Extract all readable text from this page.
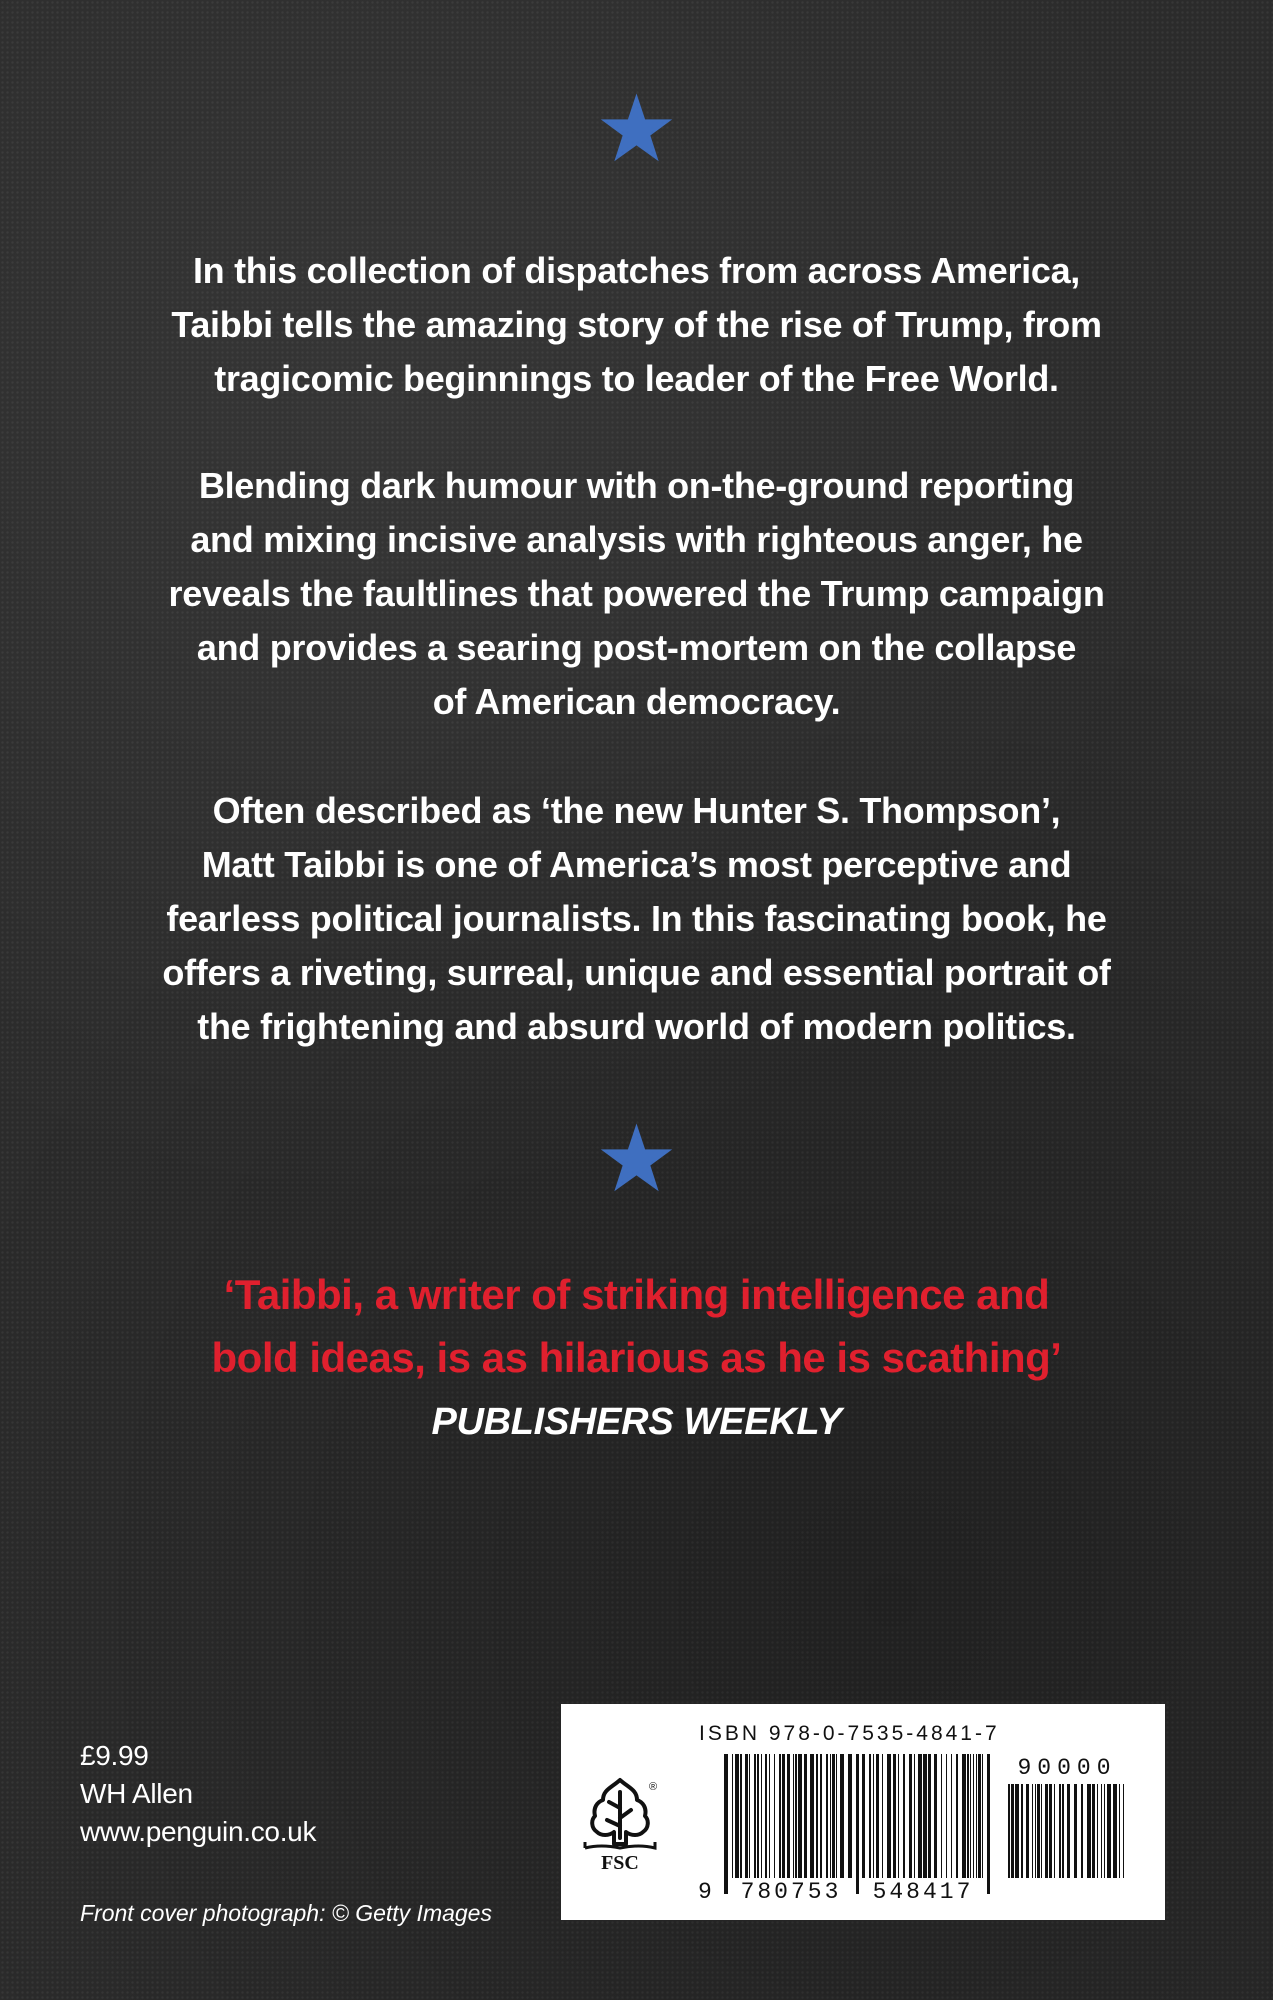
In this collection of dispatches from across America,

Taibbi tells the amazing story of the rise of Trump, from

tragicomic beginnings to leader of the Free World.

Blending dark humour with on-the-ground reporting

and mixing incisive analysis with righteous anger, he

reveals the faultlines that powered the Trump campaign

and provides a searing post-mortem on the collapse

of American democracy.

Often described as ‘the new Hunter S. Thompson’,

Matt Taibbi is one of America’s most perceptive and

fearless political journalists. In this fascinating book, he

offers a riveting, surreal, unique and essential portrait of

the frightening and absurd world of modern politics.

‘Taibbi, a writer of striking intelligence and

bold ideas, is as hilarious as he is scathing’

PUBLISHERS WEEKLY
£9.99
WH Allen
www.penguin.co.uk
Front cover photograph: © Getty Images
ISBN 978-0-7535-4841-7
FSC
®
9	780753	548417
90000
